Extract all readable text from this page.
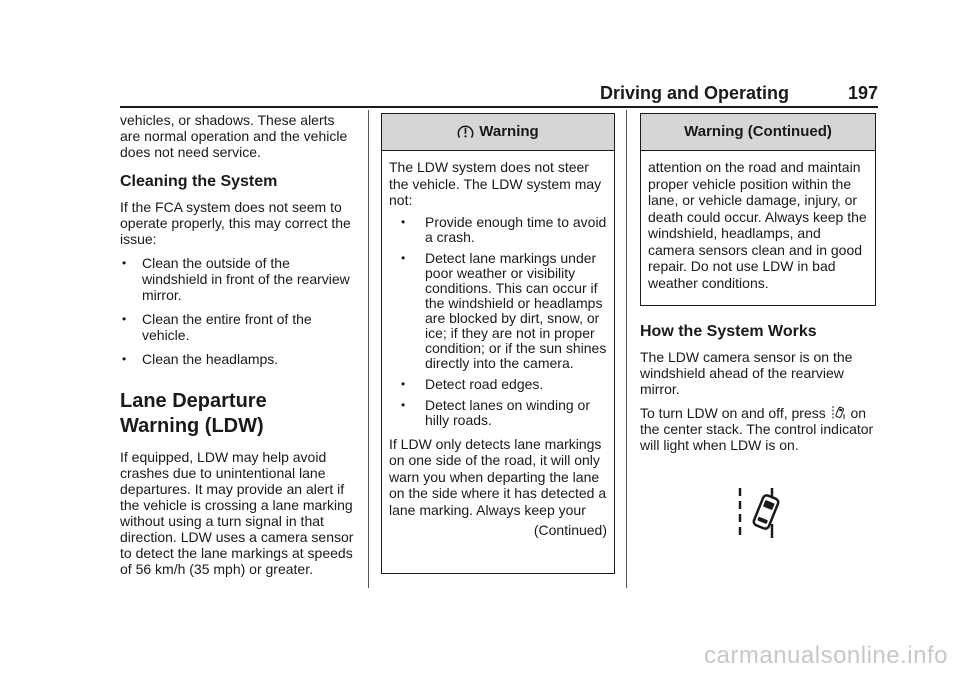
Driving and Operating	197

vehicles, or shadows. These alerts are normal operation and the vehicle does not need service.

Cleaning the System

If the FCA system does not seem to operate properly, this may correct the issue:

• Clean the outside of the windshield in front of the rearview mirror.
• Clean the entire front of the vehicle.
• Clean the headlamps.
Lane Departure
Warning (LDW)

If equipped, LDW may help avoid crashes due to unintentional lane departures. It may provide an alert if the vehicle is crossing a lane marking without using a turn signal in that direction. LDW uses a camera sensor to detect the lane markings at speeds of 56 km/h (35 mph) or greater.

Warning

The LDW system does not steer the vehicle. The LDW system may not:

• Provide enough time to avoid a crash.
• Detect lane markings under poor weather or visibility conditions. This can occur if the windshield or headlamps are blocked by dirt, snow, or ice; if they are not in proper condition; or if the sun shines directly into the camera.
• Detect road edges.
• Detect lanes on winding or hilly roads.

If LDW only detects lane markings on one side of the road, it will only warn you when departing the lane on the side where it has detected a lane marking. Always keep your

(Continued)
Warning (Continued)

attention on the road and maintain proper vehicle position within the lane, or vehicle damage, injury, or death could occur. Always keep the windshield, headlamps, and camera sensors clean and in good repair. Do not use LDW in bad weather conditions.

How the System Works

The LDW camera sensor is on the windshield ahead of the rearview mirror.

To turn LDW on and off, press on the center stack. The control indicator will light when LDW is on.

carmanualsonline.info
